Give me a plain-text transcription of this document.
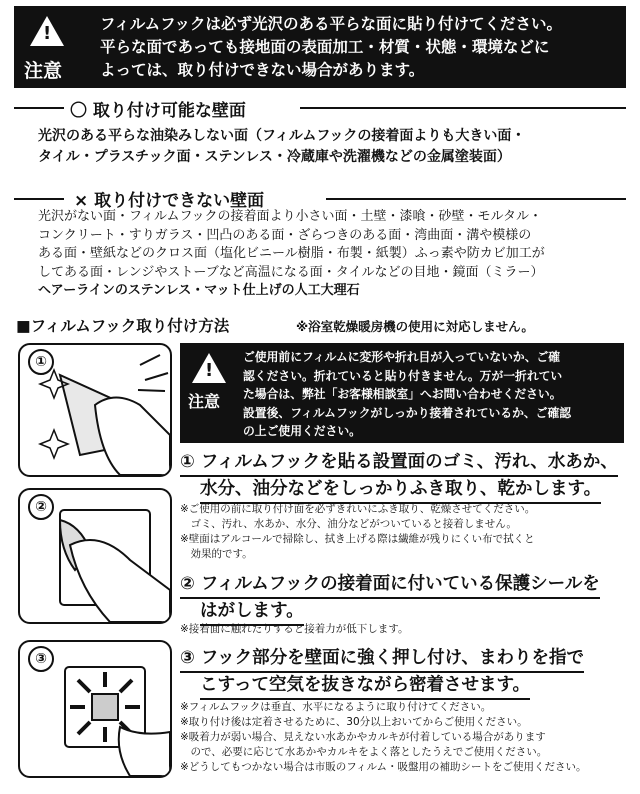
!
注意
フィルムフックは必ず光沢のある平らな面に貼り付けてください。
平らな面であっても接地面の表面加工・材質・状態・環境などに
よっては、取り付けできない場合があります。
〇 取り付け可能な壁面
光沢のある平らな油染みしない面（フィルムフックの接着面よりも大きい面・
タイル・プラスチック面・ステンレス・冷蔵庫や洗濯機などの金属塗装面）
× 取り付けできない壁面
光沢がない面・フィルムフックの接着面より小さい面・土壁・漆喰・砂壁・モルタル・
コンクリート・すりガラス・凹凸のある面・ざらつきのある面・湾曲面・溝や模様の
ある面・壁紙などのクロス面（塩化ビニール樹脂・布製・紙製）ふっ素や防カビ加工が
してある面・レンジやストーブなど高温になる面・タイルなどの目地・鏡面（ミラー）
ヘアーラインのステンレス・マット仕上げの人工大理石
■フィルムフック取り付け方法	※浴室乾燥暖房機の使用に対応しません。
①
②
③
!
注意
ご使用前にフィルムに変形や折れ目が入っていないか、ご確
認ください。折れていると貼り付きません。万が一折れてい
た場合は、弊社「お客様相談室」へお問い合わせください。
設置後、フィルムフックがしっかり接着されているか、ご確認
の上ご使用ください。
① フィルムフックを貼る設置面のゴミ、汚れ、水あか、
水分、油分などをしっかりふき取り、乾かします。
※ご使用の前に取り付け面を必ずきれいにふき取り、乾燥させてください。
　ゴミ、汚れ、水あか、水分、油分などがついていると接着しません。
※壁面はアルコールで掃除し、拭き上げる際は繊維が残りにくい布で拭くと
　効果的です。
② フィルムフックの接着面に付いている保護シールを
はがします。
※接着面に触れたりすると接着力が低下します。
③ フック部分を壁面に強く押し付け、まわりを指で
こすって空気を抜きながら密着させます。
※フィルムフックは垂直、水平になるように取り付けてください。
※取り付け後は定着させるために、30分以上おいてからご使用ください。
※吸着力が弱い場合、見えない水あかやカルキが付着している場合があります
　ので、必要に応じて水あかやカルキをよく落としたうえでご使用ください。
※どうしてもつかない場合は市販のフィルム・吸盤用の補助シートをご使用ください。
